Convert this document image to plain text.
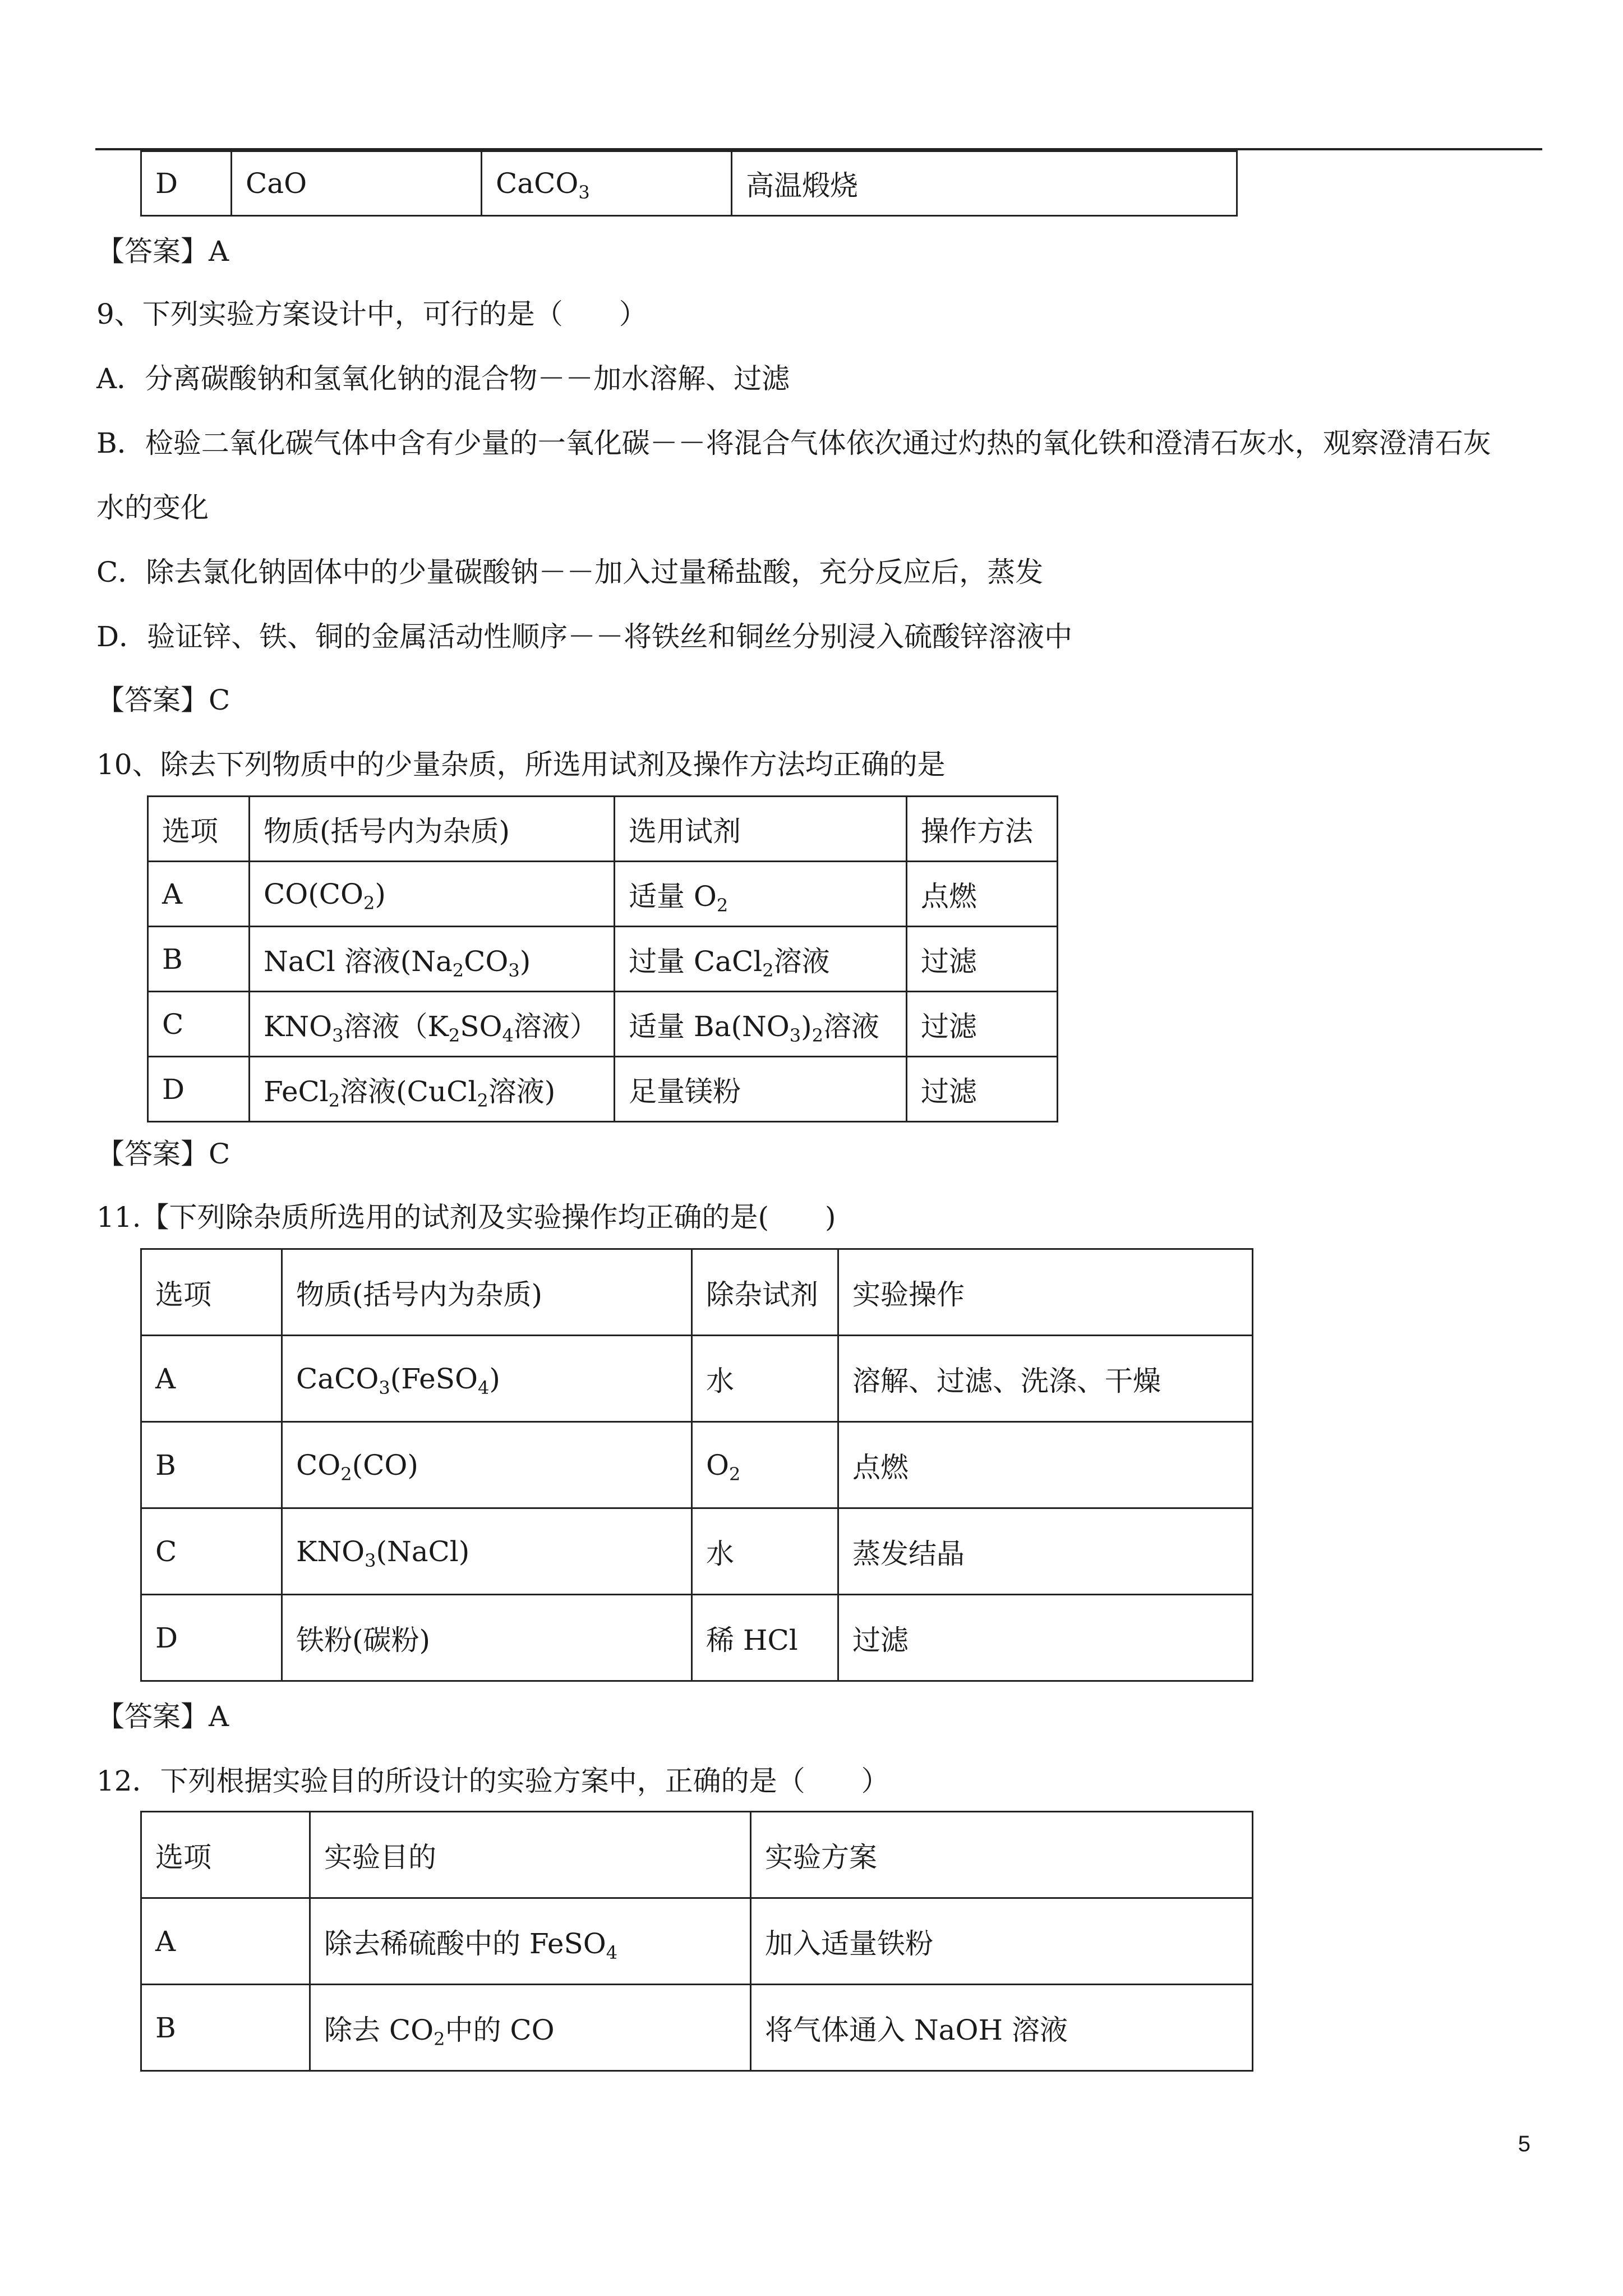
D	CaO	CaCO$_3$	高温煅烧
【答案】A
9、下列实验方案设计中，可行的是（　　）
A．分离碳酸钠和氢氧化钠的混合物－－加水溶解、过滤
B．检验二氧化碳气体中含有少量的一氧化碳－－将混合气体依次通过灼热的氧化铁和澄清石灰水，观察澄清石灰
水的变化
C．除去氯化钠固体中的少量碳酸钠－－加入过量稀盐酸，充分反应后，蒸发
D．验证锌、铁、铜的金属活动性顺序－－将铁丝和铜丝分别浸入硫酸锌溶液中
【答案】C
10、除去下列物质中的少量杂质，所选用试剂及操作方法均正确的是
选项	物质(括号内为杂质)	选用试剂	操作方法
A	$CO(CO_2)$	适量 $O_2$	点燃
B	NaCl 溶液$(Na_2CO_3)$	过量 CaCl$_2$溶液	过滤
C	$KNO_3$溶液（$K_2SO_4$溶液）	适量 $Ba(NO_3)_2$溶液	过滤
D	FeCl$_2$溶液(CuCl$_2$溶液)	足量镁粉	过滤
【答案】C
11.【下列除杂质所选用的试剂及实验操作均正确的是(　　)
选项	物质(括号内为杂质)	除杂试剂	实验操作
A	CaCO$_3$(FeSO$_4$)	水	溶解、过滤、洗涤、干燥
B	$CO_2(CO)$	$O_2$	点燃
C	$KNO_3(NaCl)$	水	蒸发结晶
D	铁粉(碳粉)	稀 HCl	过滤
【答案】A
12．下列根据实验目的所设计的实验方案中，正确的是（　　）
选项	实验目的	实验方案
A	除去稀硫酸中的 FeSO$_4$	加入适量铁粉
B	除去 $CO_2$中的 CO	将气体通入 NaOH 溶液
5
